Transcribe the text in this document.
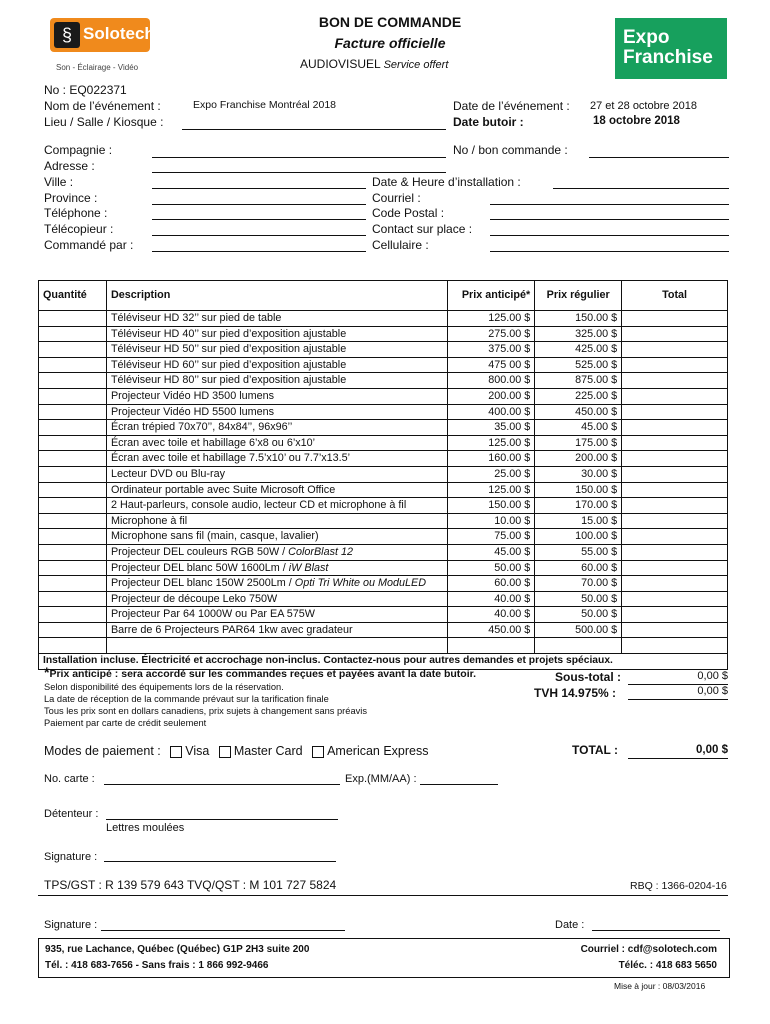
§ Solotech
Son - Éclairage - Vidéo
Expo
Franchise
BON DE COMMANDE
Facture officielle
AUDIOVISUEL Service offert
No : EQ022371
Nom de l’événement :	Expo Franchise Montréal 2018
Lieu / Salle / Kiosque :
Date de l’événement : 27 et 28 octobre 2018
Date butoir :	18 octobre 2018
Compagnie :
Adresse :
Ville :
Province :
Téléphone :
Télécopieur :
Commandé par :
No / bon commande :
Date & Heure d’installation :
Courriel :
Code Postal :
Contact sur place :
Cellulaire :
Quantité	Description	Prix anticipé*	Prix régulier	Total
	Téléviseur HD 32’’ sur pied de table	125.00 $	150.00 $	
	Téléviseur HD 40’’ sur pied d’exposition ajustable	275.00 $	325.00 $	
	Téléviseur HD 50’’ sur pied d’exposition ajustable	375.00 $	425.00 $	
	Téléviseur HD 60’’ sur pied d’exposition ajustable	475 00 $	525.00 $	
	Téléviseur HD 80’’ sur pied d’exposition ajustable	800.00 $	875.00 $	
	Projecteur Vidéo HD 3500 lumens	200.00 $	225.00 $	
	Projecteur Vidéo HD 5500 lumens	400.00 $	450.00 $	
	Écran trépied 70x70’’, 84x84’’, 96x96’’	35.00 $	45.00 $	
	Écran avec toile et habillage 6’x8 ou 6’x10’	125.00 $	175.00 $	
	Écran avec toile et habillage 7.5’x10’ ou 7.7’x13.5’	160.00 $	200.00 $	
	Lecteur DVD ou Blu-ray	25.00 $	30.00 $	
	Ordinateur portable avec Suite Microsoft Office	125.00 $	150.00 $	
	2 Haut-parleurs, console audio, lecteur CD et microphone à fil	150.00 $	170.00 $	
	Microphone à fil	10.00 $	15.00 $	
	Microphone sans fil (main, casque, lavalier)	75.00 $	100.00 $	
	Projecteur DEL couleurs RGB 50W / ColorBlast 12	45.00 $	55.00 $	
	Projecteur DEL blanc 50W 1600Lm / iW Blast	50.00 $	60.00 $	
	Projecteur DEL blanc 150W 2500Lm / Opti Tri White ou ModuLED	60.00 $	70.00 $	
	Projecteur de découpe Leko 750W	40.00 $	50.00 $	
	Projecteur Par 64 1000W ou Par EA 575W	40.00 $	50.00 $	
	Barre de 6 Projecteurs PAR64 1kw avec gradateur	450.00 $	500.00 $	

Installation incluse. Électricité et accrochage non-inclus. Contactez-nous pour autres demandes et projets spéciaux.				
*Prix anticipé : sera accordé sur les commandes reçues et payées avant la date butoir.
Selon disponibilité des équipements lors de la réservation.
La date de réception de la commande prévaut sur la tarification finale
Tous les prix sont en dollars canadiens, prix sujets à changement sans préavis
Paiement par carte de crédit seulement
Sous-total :	0,00 $
TVH 14.975% :	0,00 $
TOTAL :	0,00 $
Modes de paiement : Visa Master Card American Express
No. carte :	Exp.(MM/AA) :
Détenteur :
Lettres moulées
Signature :
TPS/GST : R 139 579 643 TVQ/QST : M 101 727 5824	RBQ : 1366-0204-16
Signature :	Date :
935, rue Lachance, Québec (Québec) G1P 2H3 suite 200
Tél. : 418 683-7656 - Sans frais : 1 866 992-9466
Courriel : cdf@solotech.com
Téléc. : 418 683 5650
Mise à jour : 08/03/2016
